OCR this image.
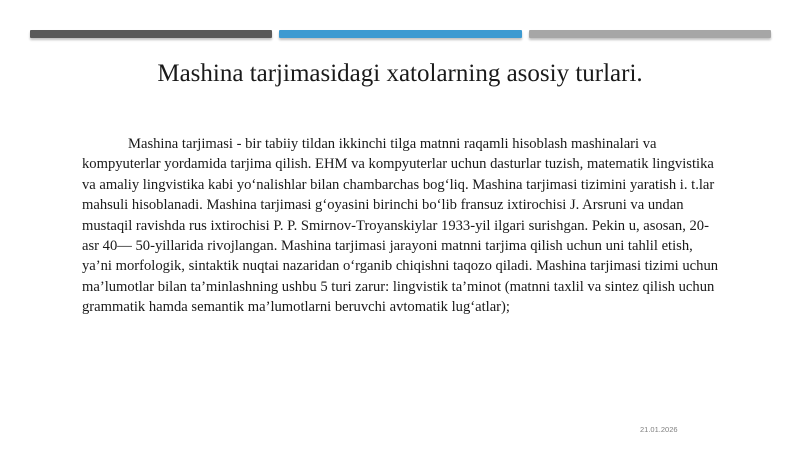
Mashina tarjimasidagi xatolarning asosiy turlari.

Mashina tarjimasi - bir tabiiy tildan ikkinchi tilga matnni raqamli hisoblash mashinalari va kompyuterlar yordamida tarjima qilish. EHM va kompyuterlar uchun dasturlar tuzish, matematik lingvistika va amaliy lingvistika kabi yo‘nalishlar bilan chambarchas bog‘liq. Mashina tarjimasi tizimini yaratish i. t.lar mahsuli hisoblanadi. Mashina tarjimasi g‘oyasini birinchi bo‘lib fransuz ixtirochisi J. Arsruni va undan mustaqil ravishda rus ixtirochisi P. P. Smirnov-Troyanskiylar 1933-yil ilgari surishgan. Pekin u, asosan, 20-asr 40— 50-yillarida rivojlangan. Mashina tarjimasi jarayoni matnni tarjima qilish uchun uni tahlil etish, ya’ni morfologik, sintaktik nuqtai nazaridan o‘rganib chiqishni taqozo qiladi. Mashina tarjimasi tizimi uchun ma’lumotlar bilan ta’minlashning ushbu 5 turi zarur: lingvistik ta’minot (matnni taxlil va sintez qilish uchun grammatik hamda semantik ma’lumotlarni beruvchi avtomatik lug‘atlar);

21.01.2026
